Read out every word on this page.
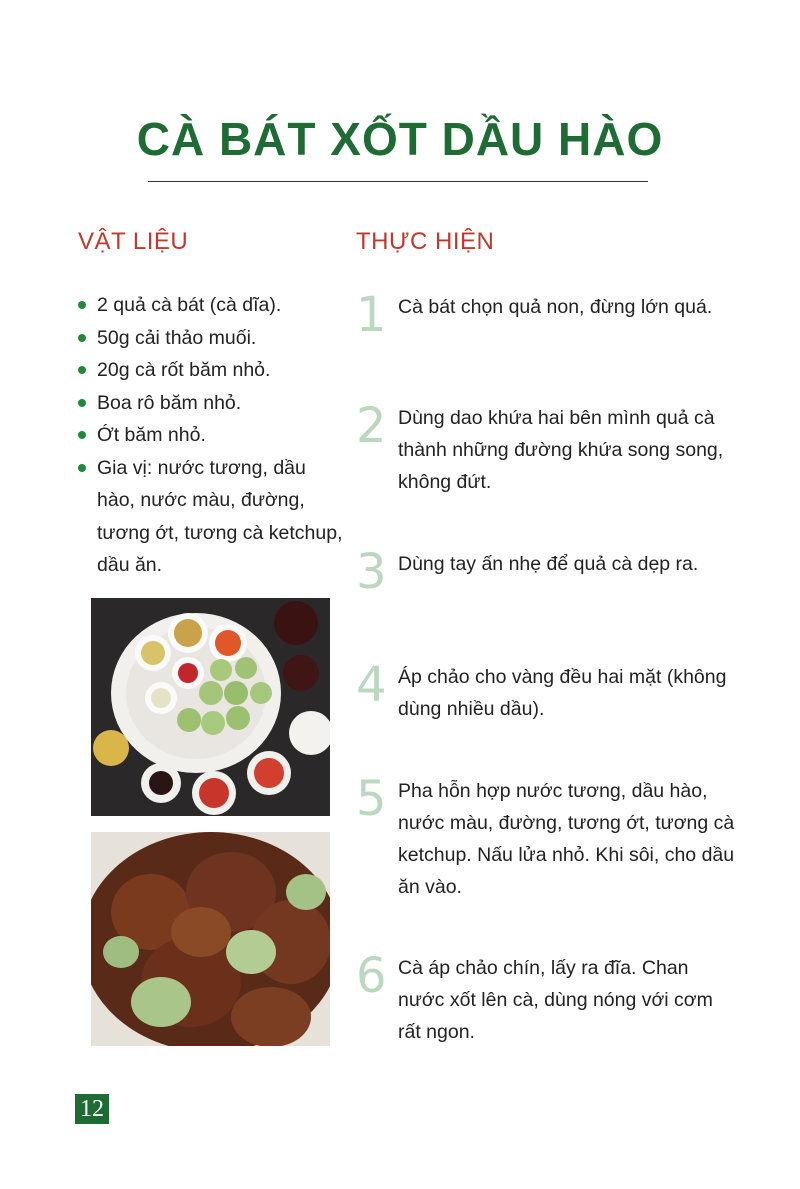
CÀ BÁT XỐT DẦU HÀO
VẬT LIỆU	THỰC HIỆN
2 quả cà bát (cà dĩa).
50g cải thảo muối.
20g cà rốt băm nhỏ.
Boa rô băm nhỏ.
Ớt băm nhỏ.
Gia vị: nước tương, dầu hào, nước màu, đường, tương ớt, tương cà ketchup, dầu ăn.
1 Cà bát chọn quả non, đừng lớn quá.
2 Dùng dao khứa hai bên mình quả cà thành những đường khứa song song, không đứt.
3 Dùng tay ấn nhẹ để quả cà dẹp ra.
4 Áp chảo cho vàng đều hai mặt (không dùng nhiều dầu).
5 Pha hỗn hợp nước tương, dầu hào, nước màu, đường, tương ớt, tương cà ketchup. Nấu lửa nhỏ. Khi sôi, cho dầu ăn vào.
6 Cà áp chảo chín, lấy ra đĩa. Chan nước xốt lên cà, dùng nóng với cơm rất ngon.
12
